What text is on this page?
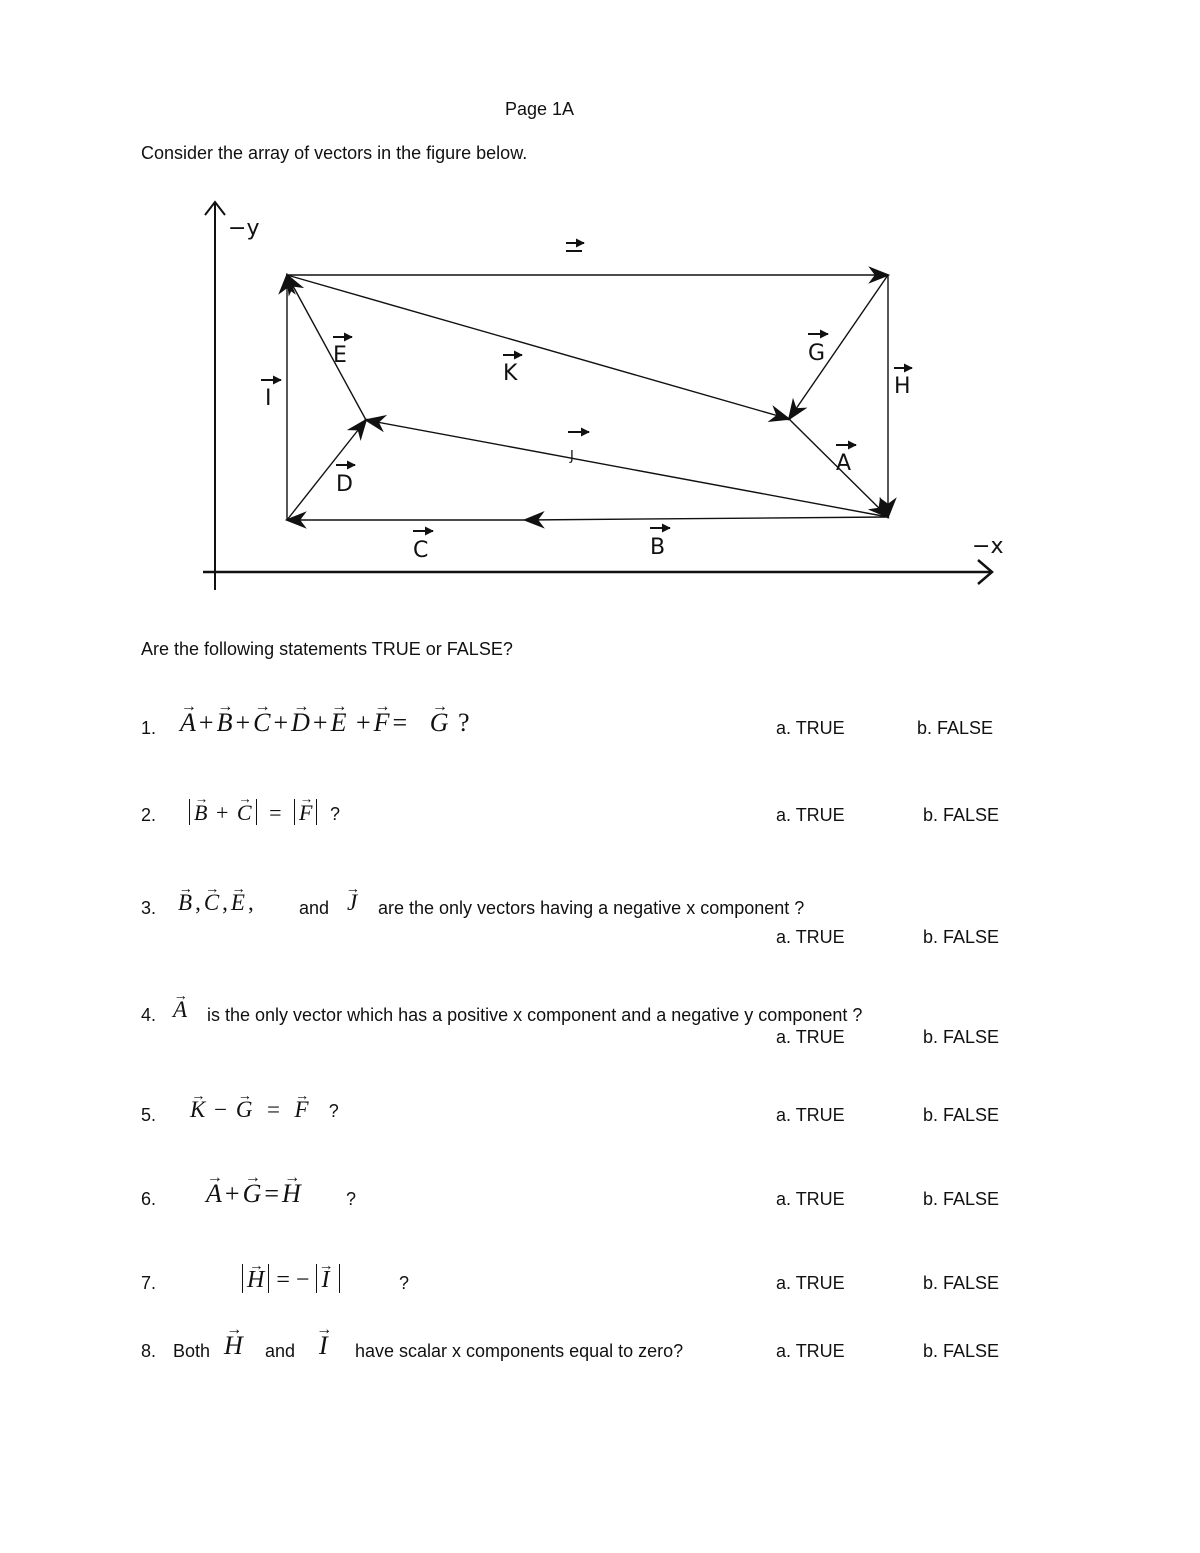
Page 1A
Consider the array of vectors in the figure below.
−y
−x
E
K
G
H
I
J
D
A
C	B
Are the following statements TRUE or FALSE?
1. → A + → B + → C + → D + → E + → F = → G ?	a. TRUE	b. FALSE
2.	→ B + → C = → F ?	a. TRUE	b. FALSE
3. → B , → C , → E ,	and → J are the only vectors having a negative x component ?
a. TRUE	b. FALSE
4. → A is the only vector which has a positive x component and a negative y component ?
a. TRUE	b. FALSE
5. → K − → G = → F ?	a. TRUE	b. FALSE
6. → A + → G = → H	?	a. TRUE	b. FALSE
7.	→ H = − → I	?	a. TRUE	b. FALSE
8. Both → H and → I have scalar x components equal to zero?	a. TRUE	b. FALSE
